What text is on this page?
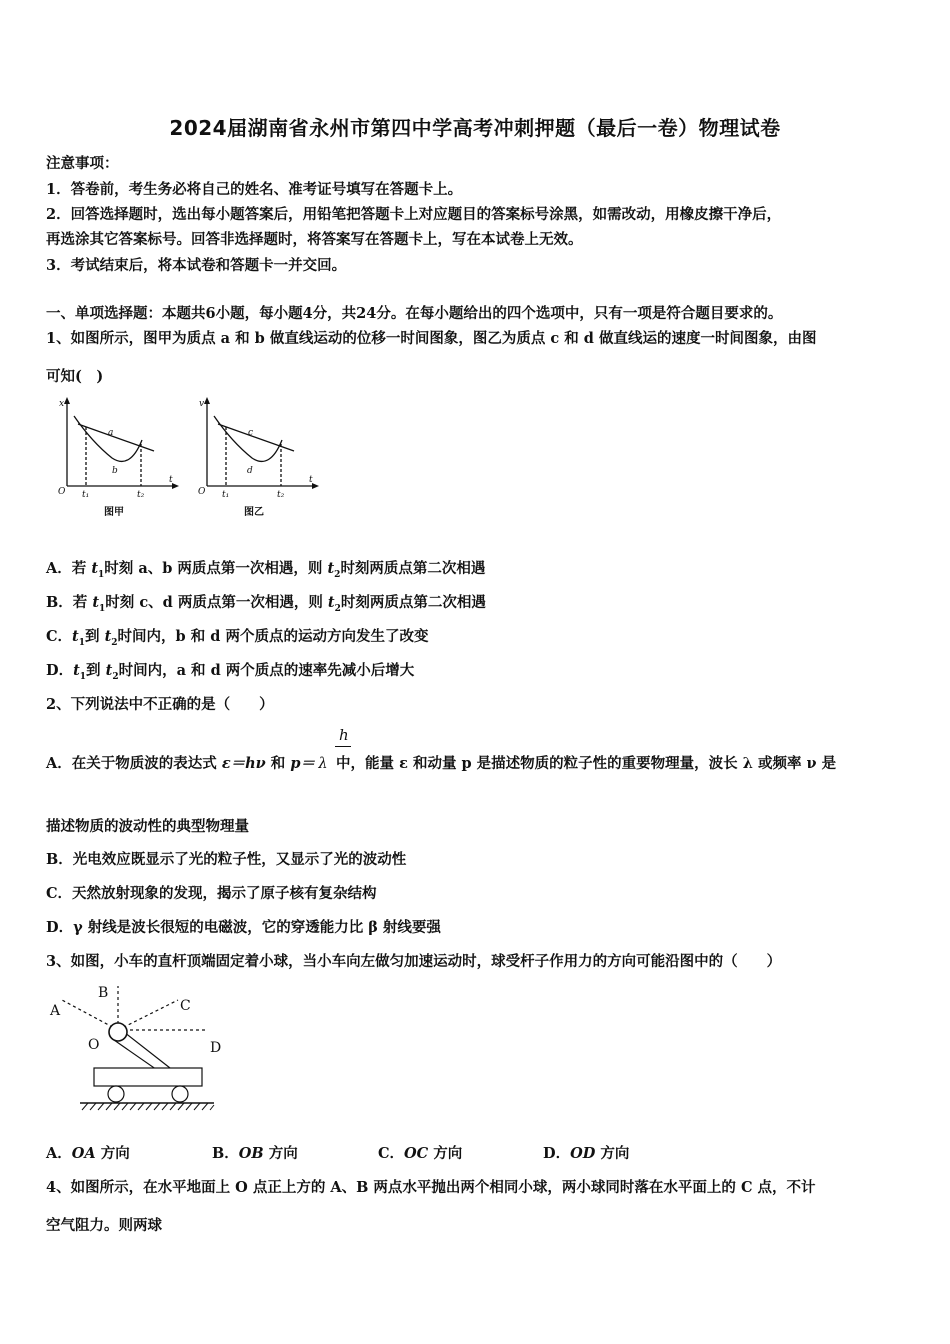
2024届湖南省永州市第四中学高考冲刺押题（最后一卷）物理试卷
注意事项：
1．答卷前，考生务必将自己的姓名、准考证号填写在答题卡上。
2．回答选择题时，选出每小题答案后，用铅笔把答题卡上对应题目的答案标号涂黑，如需改动，用橡皮擦干净后，
再选涂其它答案标号。回答非选择题时，将答案写在答题卡上，写在本试卷上无效。
3．考试结束后，将本试卷和答题卡一并交回。
一、单项选择题：本题共6小题，每小题4分，共24分。在每小题给出的四个选项中，只有一项是符合题目要求的。
1、如图所示，图甲为质点 a 和 b 做直线运动的位移一时间图象，图乙为质点 c 和 d 做直线运的速度一时间图象，由图
可知(　)
x
t
O
a
b
t₁	t₂
图甲
v
t
O
c
d
t₁	t₂
图乙
A．若 $t_1$时刻 a、b 两质点第一次相遇，则 $t_2$时刻两质点第二次相遇
B．若 $t_1$时刻 c、d 两质点第一次相遇，则 $t_2$时刻两质点第二次相遇
C．$t_1$到 $t_2$时间内，b 和 d 两个质点的运动方向发生了改变
D．$t_1$到 $t_2$时间内，a 和 d 两个质点的速率先减小后增大
2、下列说法中不正确的是（　　）
h
A．在关于物质波的表达式 ε＝hν 和 p＝ λ 中，能量 ε 和动量 p 是描述物质的粒子性的重要物理量，波长 λ 或频率 ν 是
描述物质的波动性的典型物理量
B．光电效应既显示了光的粒子性，又显示了光的波动性
C．天然放射现象的发现，揭示了原子核有复杂结构
D．γ 射线是波长很短的电磁波，它的穿透能力比 β 射线要强
3、如图，小车的直杆顶端固定着小球，当小车向左做匀加速运动时，球受杆子作用力的方向可能沿图中的（　　）
A
B
C
D
O
A．OA 方向	B．OB 方向	C．OC 方向	D．OD 方向
4、如图所示，在水平地面上 O 点正上方的 A、B 两点水平抛出两个相同小球，两小球同时落在水平面上的 C 点，不计
空气阻力。则两球
